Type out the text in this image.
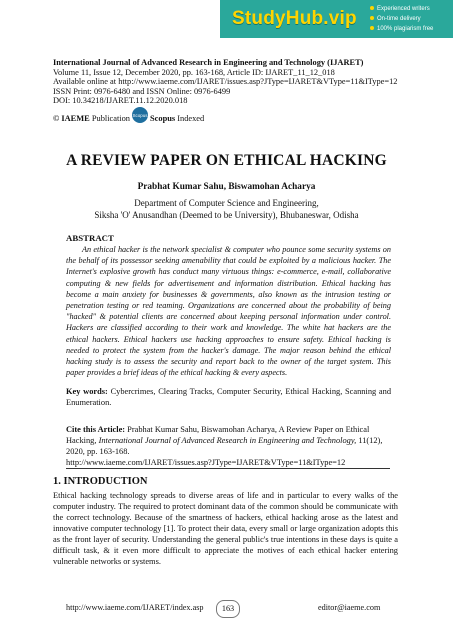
StudyHub.vip	Experienced writers
On-time delivery
100% plagiarism free
International Journal of Advanced Research in Engineering and Technology (IJARET)
Volume 11, Issue 12, December 2020, pp. 163-168, Article ID: IJARET_11_12_018
Available online at http://www.iaeme.com/IJARET/issues.asp?JType=IJARET&VType=11&IType=12
ISSN Print: 0976-6480 and ISSN Online: 0976-6499
DOI: 10.34218/IJARET.11.12.2020.018
© IAEME
Publication Scopus Scopus
Indexed
A REVIEW PAPER ON ETHICAL HACKING
Prabhat Kumar Sahu, Biswamohan Acharya
Department of Computer Science and Engineering,
Siksha 'O' Anusandhan (Deemed to be University), Bhubaneswar, Odisha
ABSTRACT
An ethical hacker is the network specialist & computer who pounce some security systems on the behalf of its possessor seeking amenability that could be exploited by a malicious hacker. The Internet's explosive growth has conduct many virtuous things: e-commerce, e-mail, collaborative computing & new fields for advertisement and information distribution. Ethical hacking has become a main anxiety for businesses & governments, also known as the intrusion testing or penetration testing or red teaming. Organizations are concerned about the probability of being "hacked" & potential clients are concerned about keeping personal information under control. Hackers are classified according to their work and knowledge. The white hat hackers are the ethical hackers. Ethical hackers use hacking approaches to ensure safety. Ethical hacking is needed to protect the system from the hacker's damage. The major reason behind the ethical hacking study is to assess the security and report back to the owner of the target system. This paper provides a brief ideas of the ethical hacking & every aspects.
Key words: Cybercrimes, Clearing Tracks, Computer Security, Ethical Hacking, Scanning and Enumeration.
Cite this Article: Prabhat Kumar Sahu, Biswamohan Acharya, A Review Paper on Ethical Hacking, International Journal of Advanced Research in Engineering and Technology, 11(12), 2020, pp. 163-168.
http://www.iaeme.com/IJARET/issues.asp?JType=IJARET&VType=11&IType=12
1. INTRODUCTION
Ethical hacking technology spreads to diverse areas of life and in particular to every walks of the computer industry. The required to protect dominant data of the common should be communicate with the correct technology. Because of the smartness of hackers, ethical hacking arose as the latest and innovative computer technology [1]. To protect their data, every small or large organization adopts this as the front layer of security. Understanding the general public's true intentions in these days is quite a difficult task, & it even more difficult to appreciate the motives of each ethical hacker entering vulnerable networks or systems.
http://www.iaeme.com/IJARET/index.asp	163	editor@iaeme.com
